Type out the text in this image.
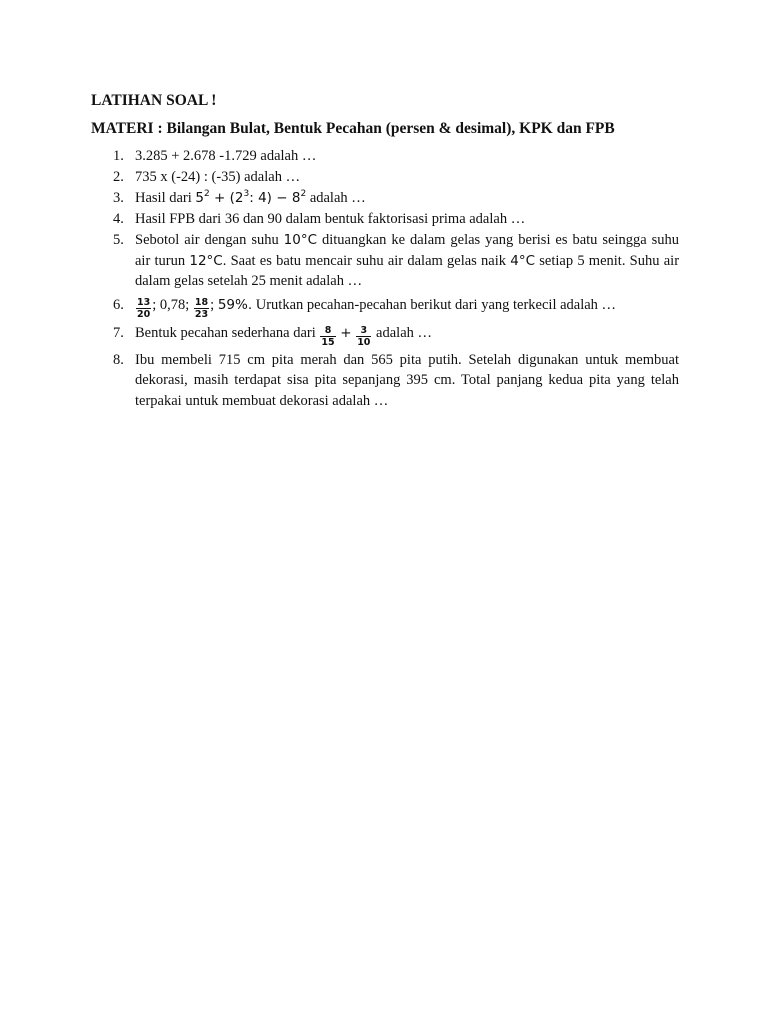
LATIHAN SOAL !
MATERI : Bilangan Bulat, Bentuk Pecahan (persen & desimal), KPK dan FPB
1. 3.285 + 2.678 -1.729 adalah …
2. 735 x (-24) : (-35) adalah …
3. Hasil dari $5^2 + (2^3$: $4) - 8^2$ adalah …
4. Hasil FPB dari 36 dan 90 dalam bentuk faktorisasi prima adalah …
5. Sebotol air dengan suhu 10°C dituangkan ke dalam gelas yang berisi es batu seingga suhu air turun 12°C. Saat es batu mencair suhu air dalam gelas naik 4°C setiap 5 menit. Suhu air dalam gelas setelah 25 menit adalah …
6. $\frac{13}{20}$ ; 0,78; $\frac{18}{23}$ ; 59%. Urutkan pecahan-pecahan berikut dari yang terkecil adalah …
7. Bentuk pecahan sederhana dari $\frac{8}{15} + \frac{3}{10}$ adalah …
8. Ibu membeli 715 cm pita merah dan 565 pita putih. Setelah digunakan untuk membuat dekorasi, masih terdapat sisa pita sepanjang 395 cm. Total panjang kedua pita yang telah terpakai untuk membuat dekorasi adalah …
